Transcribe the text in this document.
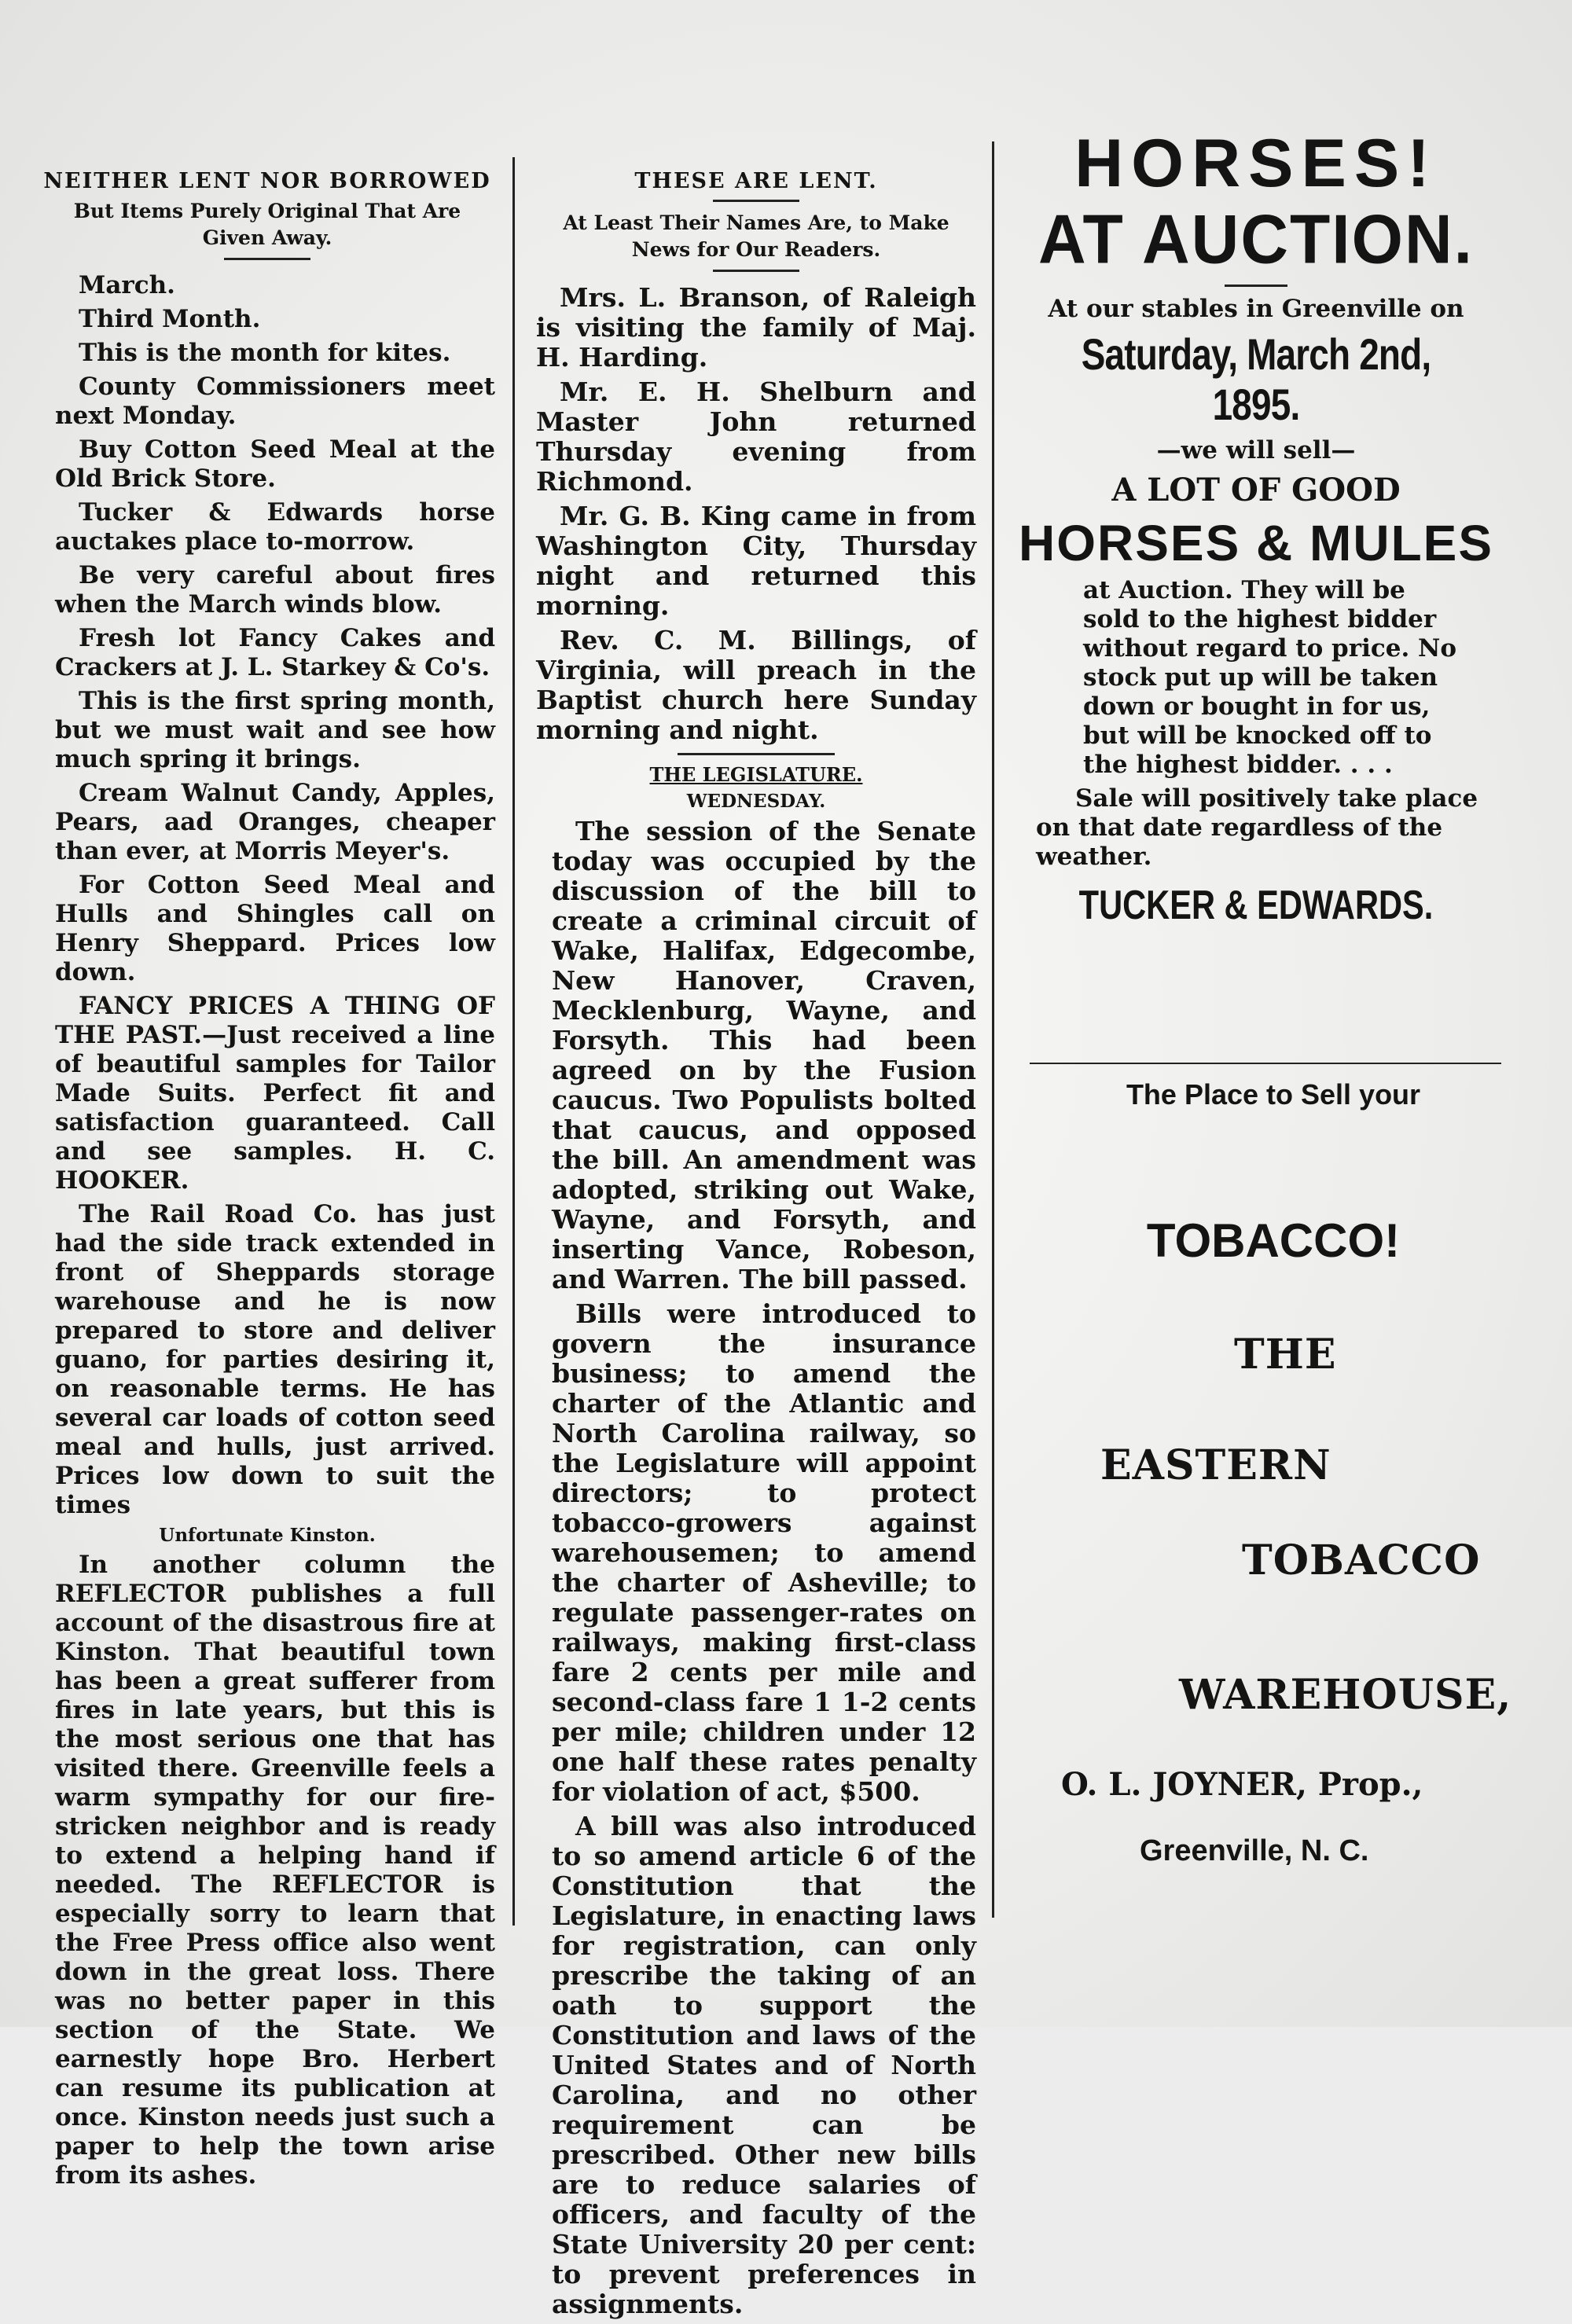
NEITHER LENT NOR BORROWED

But Items Purely Original That Are Given Away.

March.

Third Month.

This is the month for kites.

County Commissioners meet next Monday.

Buy Cotton Seed Meal at the Old Brick Store.

Tucker & Edwards horse auctakes place to-morrow.

Be very careful about fires when the March winds blow.

Fresh lot Fancy Cakes and Crackers at J. L. Starkey & Co's.

This is the first spring month, but we must wait and see how much spring it brings.

Cream Walnut Candy, Apples, Pears, aad Oranges, cheaper than ever, at Morris Meyer's.

For Cotton Seed Meal and Hulls and Shingles call on Henry Sheppard. Prices low down.

FANCY PRICES A THING OF THE PAST.—Just received a line of beautiful samples for Tailor Made Suits. Perfect fit and satisfaction guaranteed. Call and see samples. H. C. HOOKER.

The Rail Road Co. has just had the side track extended in front of Sheppards storage warehouse and he is now prepared to store and deliver guano, for parties desiring it, on reasonable terms. He has several car loads of cotton seed meal and hulls, just arrived. Prices low down to suit the times

Unfortunate Kinston.

In another column the REFLECTOR publishes a full account of the disastrous fire at Kinston. That beautiful town has been a great sufferer from fires in late years, but this is the most serious one that has visited there. Greenville feels a warm sympathy for our fire-stricken neighbor and is ready to extend a helping hand if needed. The REFLECTOR is especially sorry to learn that the Free Press office also went down in the great loss. There was no better paper in this section of the State. We earnestly hope Bro. Herbert can resume its publication at once. Kinston needs just such a paper to help the town arise from its ashes.

THESE ARE LENT.

At Least Their Names Are, to Make News for Our Readers.

Mrs. L. Branson, of Raleigh is visiting the family of Maj. H. Harding.

Mr. E. H. Shelburn and Master John returned Thursday evening from Richmond.

Mr. G. B. King came in from Washington City, Thursday night and returned this morning.

Rev. C. M. Billings, of Virginia, will preach in the Baptist church here Sunday morning and night.

THE LEGISLATURE.

WEDNESDAY.

The session of the Senate today was occupied by the discussion of the bill to create a criminal circuit of Wake, Halifax, Edgecombe, New Hanover, Craven, Mecklenburg, Wayne, and Forsyth. This had been agreed on by the Fusion caucus. Two Populists bolted that caucus, and opposed the bill. An amendment was adopted, striking out Wake, Wayne, and Forsyth, and inserting Vance, Robeson, and Warren. The bill passed.

Bills were introduced to govern the insurance business; to amend the charter of the Atlantic and North Carolina railway, so the Legislature will appoint directors; to protect tobacco-growers against warehousemen; to amend the charter of Asheville; to regulate passenger-rates on railways, making first-class fare 2 cents per mile and second-class fare 1 1-2 cents per mile; children under 12 one half these rates penalty for violation of act, $500.

A bill was also introduced to so amend article 6 of the Constitution that the Legislature, in enacting laws for registration, can only prescribe the taking of an oath to support the Constitution and laws of the United States and of North Carolina, and no other requirement can be prescribed. Other new bills are to reduce salaries of officers, and faculty of the State University 20 per cent: to prevent preferences in assignments.

HORSES!

AT AUCTION.

At our stables in Greenville on

Saturday, March 2nd, 1895.

—we will sell—

A LOT OF GOOD

HORSES & MULES

at Auction. They will be sold to the highest bidder without regard to price. No stock put up will be taken down or bought in for us, but will be knocked off to the highest bidder. . . .

Sale will positively take place on that date regardless of the weather.

TUCKER & EDWARDS.

The Place to Sell your

TOBACCO!

THE

EASTERN

TOBACCO

WAREHOUSE,

O. L. JOYNER, Prop.,

Greenville, N. C.
